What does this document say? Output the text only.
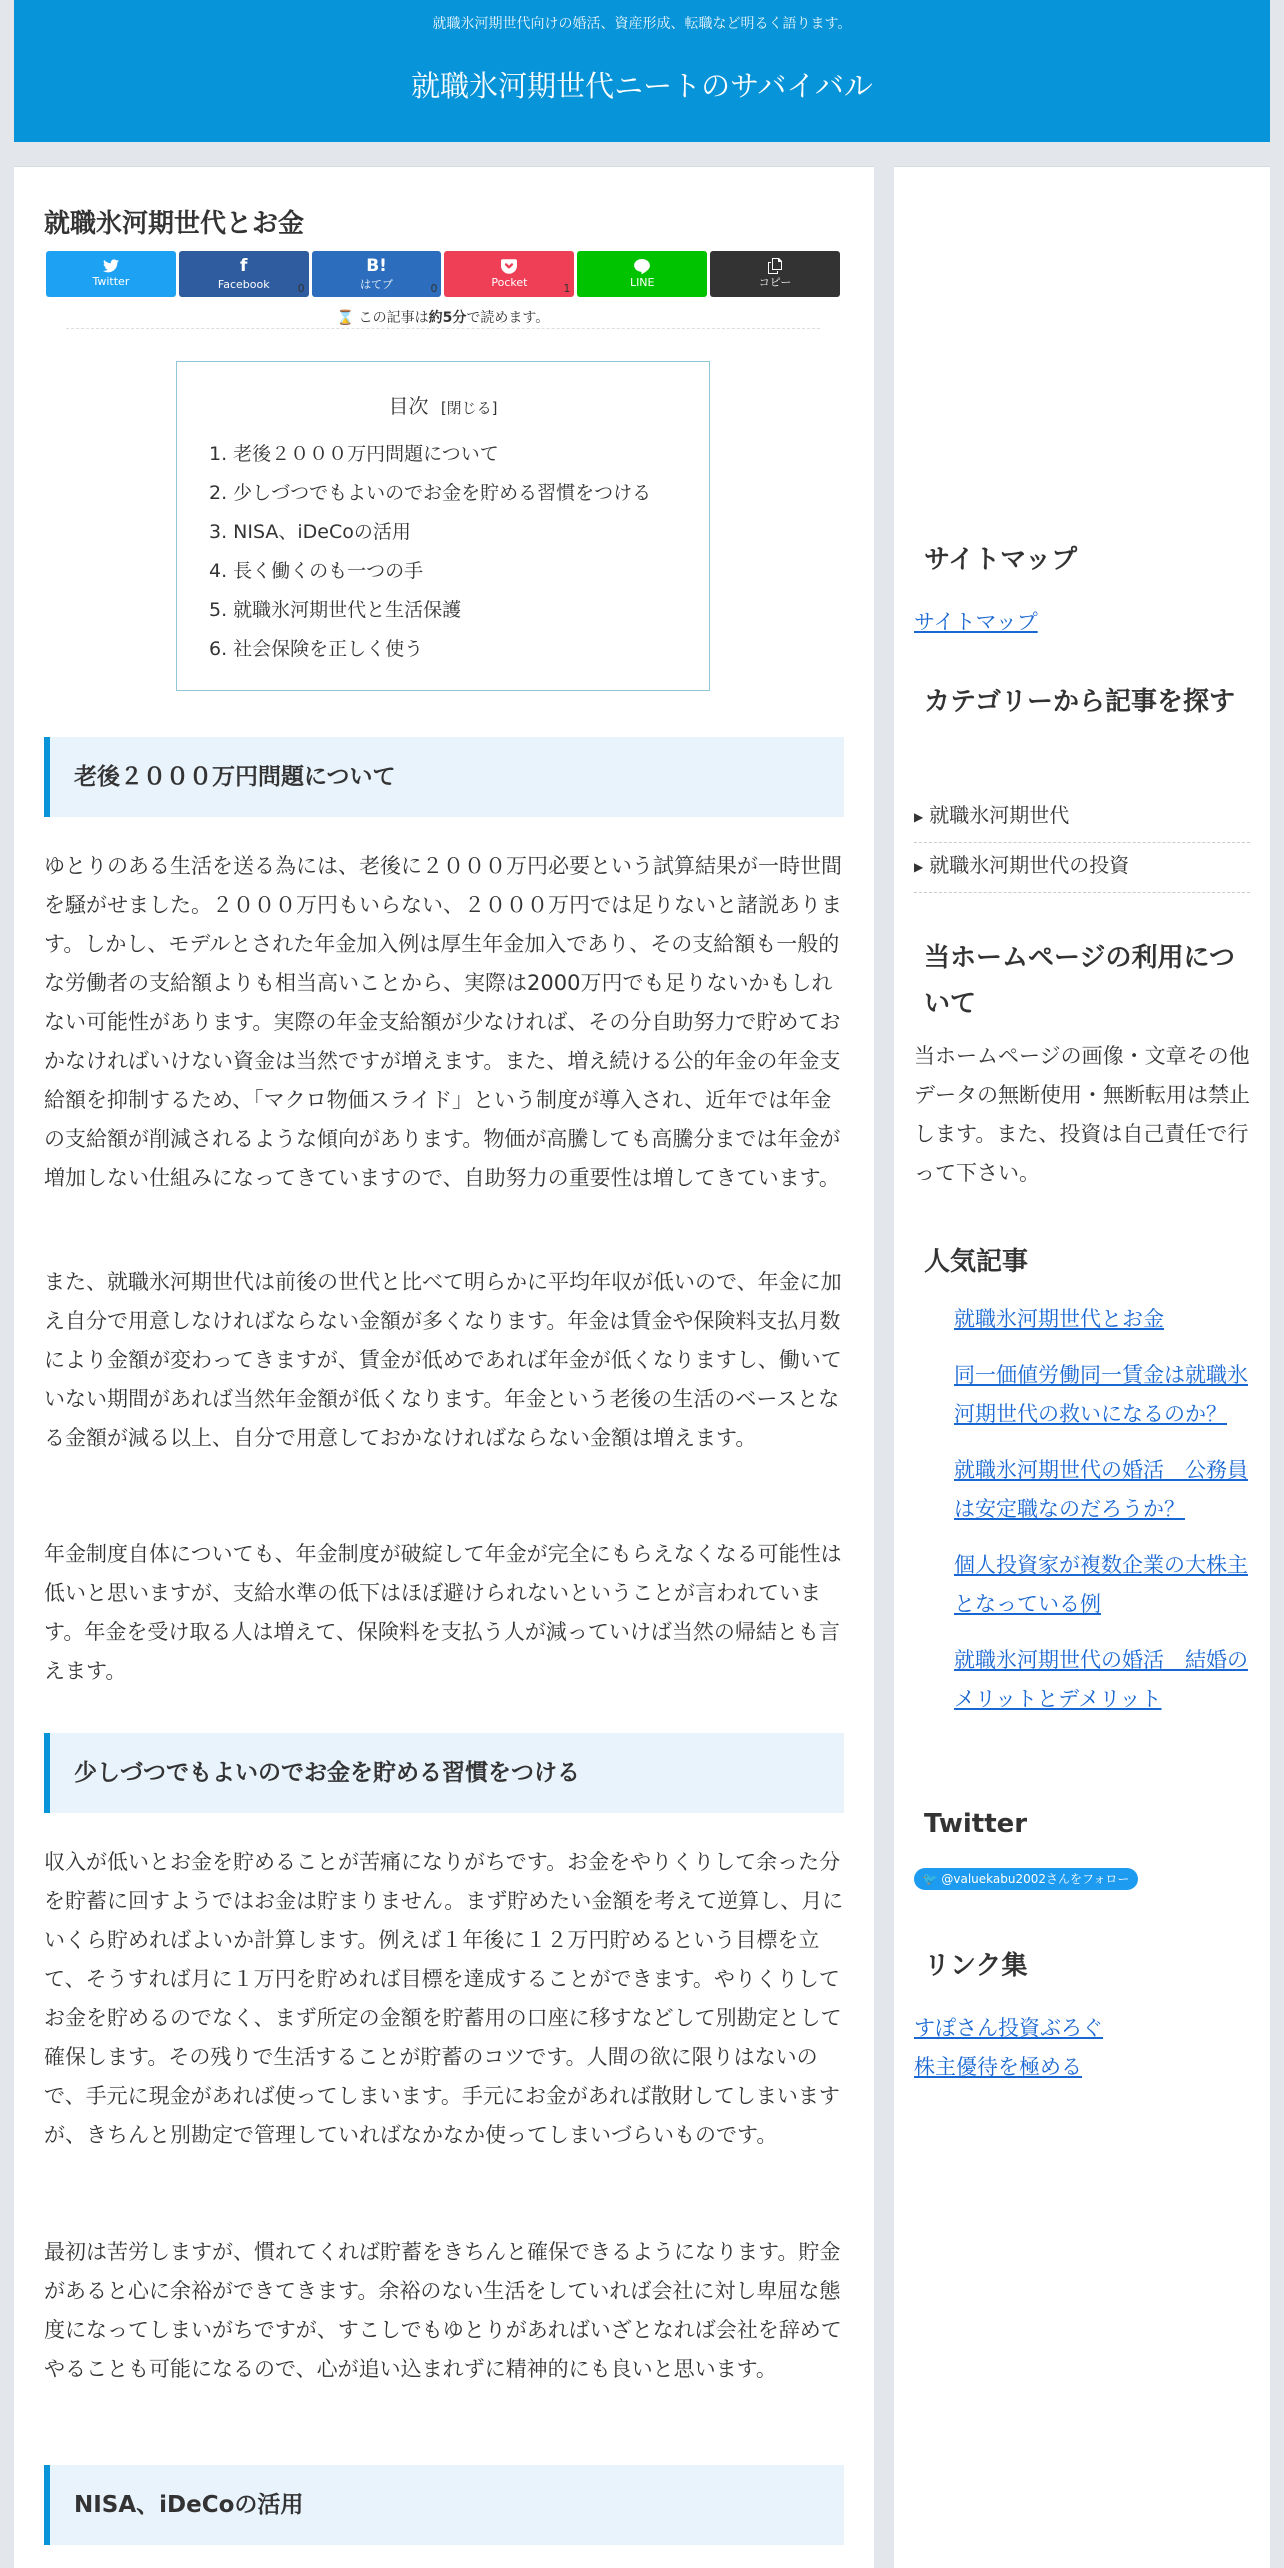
就職氷河期世代向けの婚活、資産形成、転職など明るく語ります。
就職氷河期世代ニートのサバイバル
就職氷河期世代とお金
Twitter
f
Facebook	0
B!
はてブ	0	Pocket	1	LINE	コピー
⌛ この記事は約5分で読めます。
目次 [閉じる]
1. 老後２０００万円問題について
2. 少しづつでもよいのでお金を貯める習慣をつける
3. NISA、iDeCoの活用
4. 長く働くのも一つの手
5. 就職氷河期世代と生活保護
6. 社会保険を正しく使う
老後２０００万円問題について

ゆとりのある生活を送る為には、老後に２０００万円必要という試算結果が一時世間を騒がせました。２０００万円もいらない、２０００万円では足りないと諸説あります。しかし、モデルとされた年金加入例は厚生年金加入であり、その支給額も一般的な労働者の支給額よりも相当高いことから、実際は2000万円でも足りないかもしれない可能性があります。実際の年金支給額が少なければ、その分自助努力で貯めておかなければいけない資金は当然ですが増えます。また、増え続ける公的年金の年金支給額を抑制するため、「マクロ物価スライド」という制度が導入され、近年では年金の支給額が削減されるような傾向があります。物価が高騰しても高騰分までは年金が増加しない仕組みになってきていますので、自助努力の重要性は増してきています。

また、就職氷河期世代は前後の世代と比べて明らかに平均年収が低いので、年金に加え自分で用意しなければならない金額が多くなります。年金は賃金や保険料支払月数により金額が変わってきますが、賃金が低めであれば年金が低くなりますし、働いていない期間があれば当然年金額が低くなります。年金という老後の生活のベースとなる金額が減る以上、自分で用意しておかなければならない金額は増えます。

年金制度自体についても、年金制度が破綻して年金が完全にもらえなくなる可能性は低いと思いますが、支給水準の低下はほぼ避けられないということが言われています。年金を受け取る人は増えて、保険料を支払う人が減っていけば当然の帰結とも言えます。

少しづつでもよいのでお金を貯める習慣をつける

収入が低いとお金を貯めることが苦痛になりがちです。お金をやりくりして余った分を貯蓄に回すようではお金は貯まりません。まず貯めたい金額を考えて逆算し、月にいくら貯めればよいか計算します。例えば１年後に１２万円貯めるという目標を立て、そうすれば月に１万円を貯めれば目標を達成することができます。やりくりしてお金を貯めるのでなく、まず所定の金額を貯蓄用の口座に移すなどして別勘定として確保します。その残りで生活することが貯蓄のコツです。人間の欲に限りはないので、手元に現金があれば使ってしまいます。手元にお金があれば散財してしまいますが、きちんと別勘定で管理していればなかなか使ってしまいづらいものです。

最初は苦労しますが、慣れてくれば貯蓄をきちんと確保できるようになります。貯金があると心に余裕ができてきます。余裕のない生活をしていれば会社に対し卑屈な態度になってしまいがちですが、すこしでもゆとりがあればいざとなれば会社を辞めてやることも可能になるので、心が追い込まれずに精神的にも良いと思います。

NISA、iDeCoの活用
サイトマップ
サイトマップ
カテゴリーから記事を探す
▶ 就職氷河期世代
▶ 就職氷河期世代の投資
当ホームページの利用について

当ホームページの画像・文章その他データの無断使用・無断転用は禁止します。また、投資は自己責任で行って下さい。

人気記事
就職氷河期世代とお金
同一価値労働同一賃金は就職氷河期世代の救いになるのか？
就職氷河期世代の婚活　公務員は安定職なのだろうか？
個人投資家が複数企業の大株主となっている例
就職氷河期世代の婚活　結婚のメリットとデメリット
Twitter
🐦 @valuekabu2002さんをフォロー
リンク集
すぽさん投資ぶろぐ
株主優待を極める
